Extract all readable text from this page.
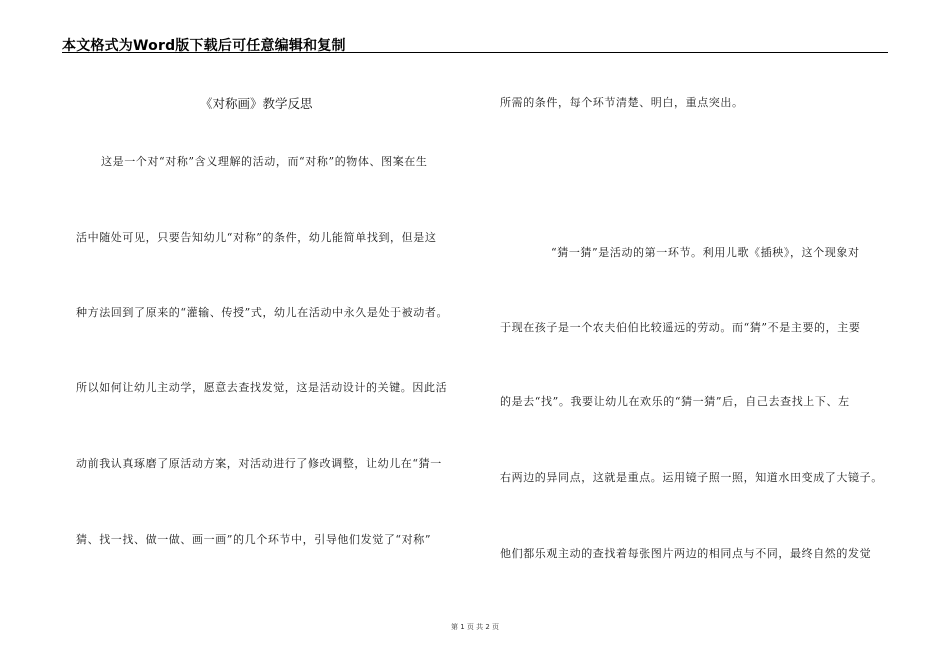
本文格式为Word版下载后可任意编辑和复制
《对称画》教学反思
这是一个对“对称”含义理解的活动，而“对称”的物体、图案在生
活中随处可见，只要告知幼儿“对称”的条件，幼儿能简单找到，但是这
种方法回到了原来的“灌输、传授”式，幼儿在活动中永久是处于被动者。
所以如何让幼儿主动学，愿意去查找发觉，这是活动设计的关键。因此活
动前我认真琢磨了原活动方案，对活动进行了修改调整，让幼儿在“猜一
猜、找一找、做一做、画一画”的几个环节中，引导他们发觉了“对称”
所需的条件，每个环节清楚、明白，重点突出。
“猜一猜”是活动的第一环节。利用儿歌《插秧》，这个现象对
于现在孩子是一个农夫伯伯比较遥远的劳动。而“猜”不是主要的，主要
的是去“找”。我要让幼儿在欢乐的“猜一猜”后，自己去查找上下、左
右两边的异同点，这就是重点。运用镜子照一照，知道水田变成了大镜子。
他们都乐观主动的查找着每张图片两边的相同点与不同，最终自然的发觉
第 1 页 共 2 页
